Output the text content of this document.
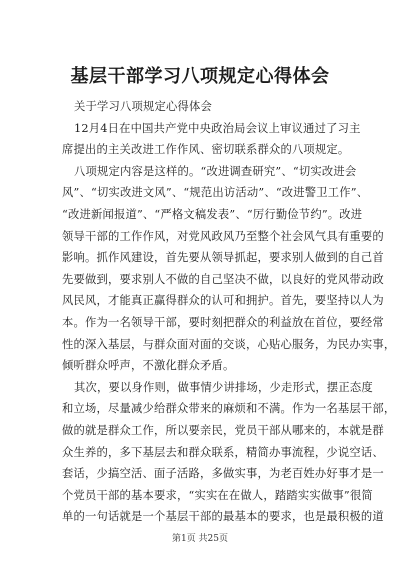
基层干部学习八项规定心得体会
关于学习八项规定心得体会
12月4日在中国共产党中央政治局会议上审议通过了习主
席提出的主关改进工作作风、密切联系群众的八项规定。
八项规定内容是这样的。“改进调查研究”、“切实改进会
风”、“切实改进文风”、“规范出访活动”、“改进警卫工作”、
“改进新闻报道”、“严格文稿发表”、“厉行勤俭节约”。改进
领导干部的工作作风，对党风政风乃至整个社会风气具有重要的
影响。抓作风建设，首先要从领导抓起，要求别人做到的自己首
先要做到，要求别人不做的自己坚决不做，以良好的党风带动政
风民风，才能真正赢得群众的认可和拥护。首先，要坚持以人为
本。作为一名领导干部，要时刻把群众的利益放在首位，要经常
性的深入基层，与群众面对面的交谈，心贴心服务，为民办实事，
倾听群众呼声，不激化群众矛盾。
其次，要以身作则，做事情少讲排场，少走形式，摆正态度
和立场，尽量减少给群众带来的麻烦和不满。作为一名基层干部，
做的就是群众工作，所以要亲民，党员干部从哪来的，本就是群
众生养的，多下基层去和群众联系，精简办事流程，少说空话、
套话，少搞空活、面子活路，多做实事，为老百姓办好事才是一
个党员干部的基本要求，“实实在在做人，踏踏实实做事”很简
单的一句话就是一个基层干部的最基本的要求，也是最积极的道
第1页 共25页
